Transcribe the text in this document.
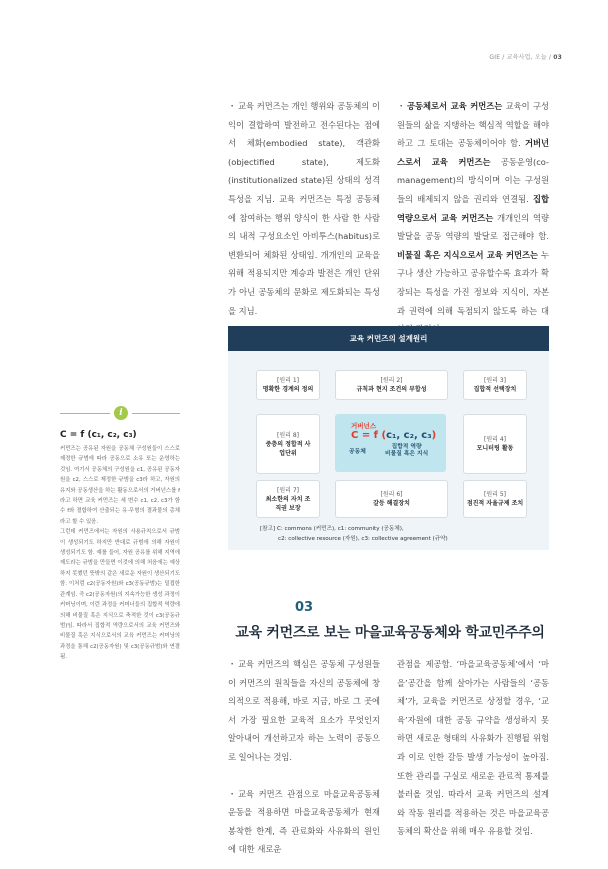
GIE / 교육사업, 오늘 / 03
i
C = f (c₁, c₂, c₃)

커먼즈는 공유된 자원을 공동체 구성원들이 스스로 제정한 규범에 따라 공동으로 소유 또는 운영하는 것임. 여기서 공동체의 구성원을 c1, 공유된 공동자원을 c2, 스스로 제정한 규범을 c3라 하고, 자원의 유지와 공동생산을 하는 활동으로서의 거버넌스를 f라고 하면 교육 커먼즈는 세 변수 c1, c2, c3가 함수 f와 결합하여 산출되는 유·무형의 결과물의 총체라고 할 수 있음.

그런데 커먼즈에서는 자원의 사용규칙으로서 규범이 생성되기도 하지만 반대로 규범에 의해 자원이 생성되기도 함. 예를 들어, 자원 공유를 위해 지역에 제도라는 규범을 만들면 이것에 의해 처음에는 예상하지 못했던 뜻밖의 같은 새로운 자원이 생산되기도 함. 이처럼 c2(공동자원)와 c3(공동규범)는 밀접한 관계임. 즉 c2(공동자원)의 지속가능한 생성 과정이 커머닝이며, 이런 과정을 커머너들의 집합적 역량에 의해 비물질 혹은 지식으로 축적한 것이 c3(공동규범)임. 따라서 집합적 역량으로서의 교육 커먼즈와 비물질 혹은 지식으로서의 교육 커먼즈는 커머닝의 과정을 통해 c2(공동자원) 및 c3(공동규범)와 연결됨.

・ 교육 커먼즈는 개인 행위와 공동체의 이익이 결합하여 발전하고 전수된다는 점에서 체화(embodied state), 객관화(objectified state), 제도화(institutionalized state)된 상태의 성격 특성을 지님. 교육 커먼즈는 특정 공동체에 참여하는 행위 양식이 한 사람 한 사람의 내적 구성요소인 아비투스(habitus)로 변환되어 체화된 상태임. 개개인의 교육을 위해 적용되지만 계승과 발전은 개인 단위가 아닌 공동체의 문화로 제도화되는 특성을 지님.

・ 공동체로서 교육 커먼즈는 교육이 구성원들의 삶을 지탱하는 핵심적 역할을 해야 하고 그 토대는 공동체이어야 함. 거버넌스로서 교육 커먼즈는 공동운영(co-management)의 방식이며 이는 구성원들의 배제되지 않을 권리와 연결됨. 집합 역량으로서 교육 커먼즈는 개개인의 역량 발달을 공동 역량의 발달로 접근해야 함. 비물질 혹은 지식으로서 교육 커먼즈는 누구나 생산 가능하고 공유할수록 효과가 확장되는 특성을 가진 정보와 지식이, 자본과 권력에 의해 독점되지 않도록 하는 대

교육 커먼즈의 설계원리
[원리 1]
명확한 경계의 정의
[원리 2]
규칙과 현지 조건의 부합성
[원리 3]
집합적 선택장치
[원리 8]
중층의 정합적 사업단위
거버넌스
C = f (c₁, c₂, c₃)
공동체
집합적 역량
비물질 혹은 지식
[원리 4]
모니터링 활동
[원리 7]
최소한의 자치 조직권 보장
[원리 6]
갈등 해결장치
[원리 5]
점진적 자율규제 조치
[참고] C: commons (커먼즈), c1: community (공동체),
c2: collective resource (자원), c3: collective agreement (규약)
03
교육 커먼즈로 보는 마을교육공동체와 학교민주주의

・ 교육 커먼즈의 핵심은 공동체 구성원들이 커먼즈의 원칙들을 자신의 공동체에 창의적으로 적용해, 바로 지금, 바로 그 곳에서 가장 필요한 교육적 요소가 무엇인지 알아내어 개선하고자 하는 노력이 공동으로 일어나는 것임.

・ 교육 커먼즈 관점으로 마을교육공동체 운동을 적용하면 마을교육공동체가 현재 봉착한 한계, 즉 관료화와 사유화의 원인에 대한 새로운

관점을 제공함. ‘마을교육공동체’에서 ‘마을’공간을 함께 살아가는 사람들의 ‘공동체’가, 교육을 커먼즈로 상정할 경우, ‘교육’자원에 대한 공동 규약을 생성하지 못하면 새로운 형태의 사유화가 진행될 위험과 이로 인한 갈등 발생 가능성이 높아짐. 또한 관리를 구실로 새로운 관료적 통제를 불러올 것임. 따라서 교육 커먼즈의 설계와 작동 원리를 적용하는 것은 마을교육공동체의 확산을 위해 매우 유용할 것임.
